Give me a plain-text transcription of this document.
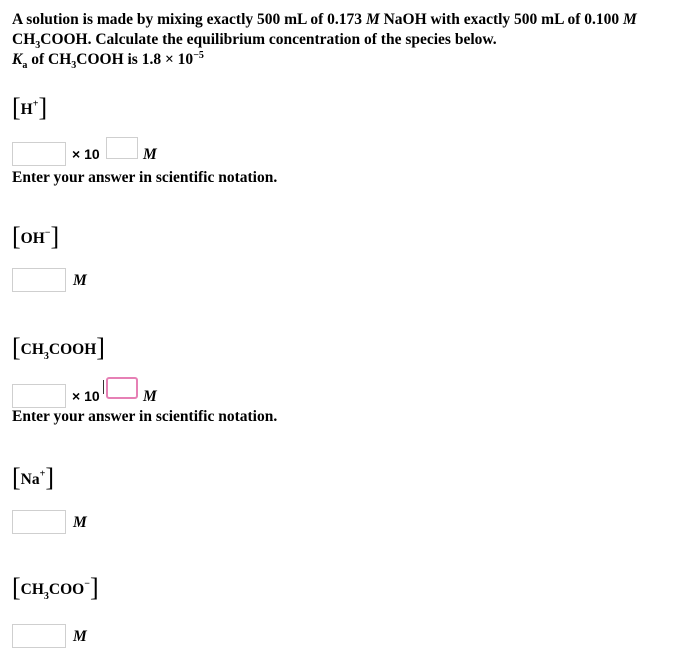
A solution is made by mixing exactly 500 mL of 0.173 M NaOH with exactly 500 mL of 0.100 M
$CH_3COOH$. Calculate the equilibrium concentration of the species below.
$K_a$ of $CH_3COOH$ is $1.8 \times 10^{-5}$
[H+]
× 10	M
Enter your answer in scientific notation.
[OH−]
M
$[CH_3COOH]$
× 10	M
Enter your answer in scientific notation.
[Na+]
M
$[CH_3COO^-]$
M
